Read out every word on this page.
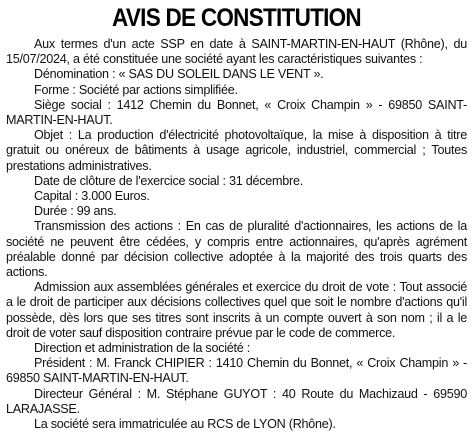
AVIS DE CONSTITUTION

Aux termes d'un acte SSP en date à SAINT-MARTIN-EN-HAUT (Rhône), du 15/07/2024, a été constituée une société ayant les caractéristiques suivantes :

Dénomination : « SAS DU SOLEIL DANS LE VENT ».

Forme : Société par actions simplifiée.

Siège social : 1412 Chemin du Bonnet, « Croix Champin » - 69850 SAINT-MARTIN-EN-HAUT.

Objet : La production d'électricité photovoltaïque, la mise à disposition à titre gratuit ou onéreux de bâtiments à usage agricole, industriel, commercial ; Toutes prestations administratives.

Date de clôture de l'exercice social : 31 décembre.

Capital : 3.000 Euros.

Durée : 99 ans.

Transmission des actions : En cas de pluralité d'actionnaires, les actions de la société ne peuvent être cédées, y compris entre actionnaires, qu'après agrément préalable donné par décision collective adoptée à la majorité des trois quarts des actions.

Admission aux assemblées générales et exercice du droit de vote : Tout associé a le droit de participer aux décisions collectives quel que soit le nombre d'actions qu'il possède, dès lors que ses titres sont inscrits à un compte ouvert à son nom ; il a le droit de voter sauf disposition contraire prévue par le code de commerce.

Direction et administration de la société :

Président : M. Franck CHIPIER : 1410 Chemin du Bonnet, « Croix Champin » - 69850 SAINT-MARTIN-EN-HAUT.

Directeur Général : M. Stéphane GUYOT : 40 Route du Machizaud - 69590 LARAJASSE.

La société sera immatriculée au RCS de LYON (Rhône).
